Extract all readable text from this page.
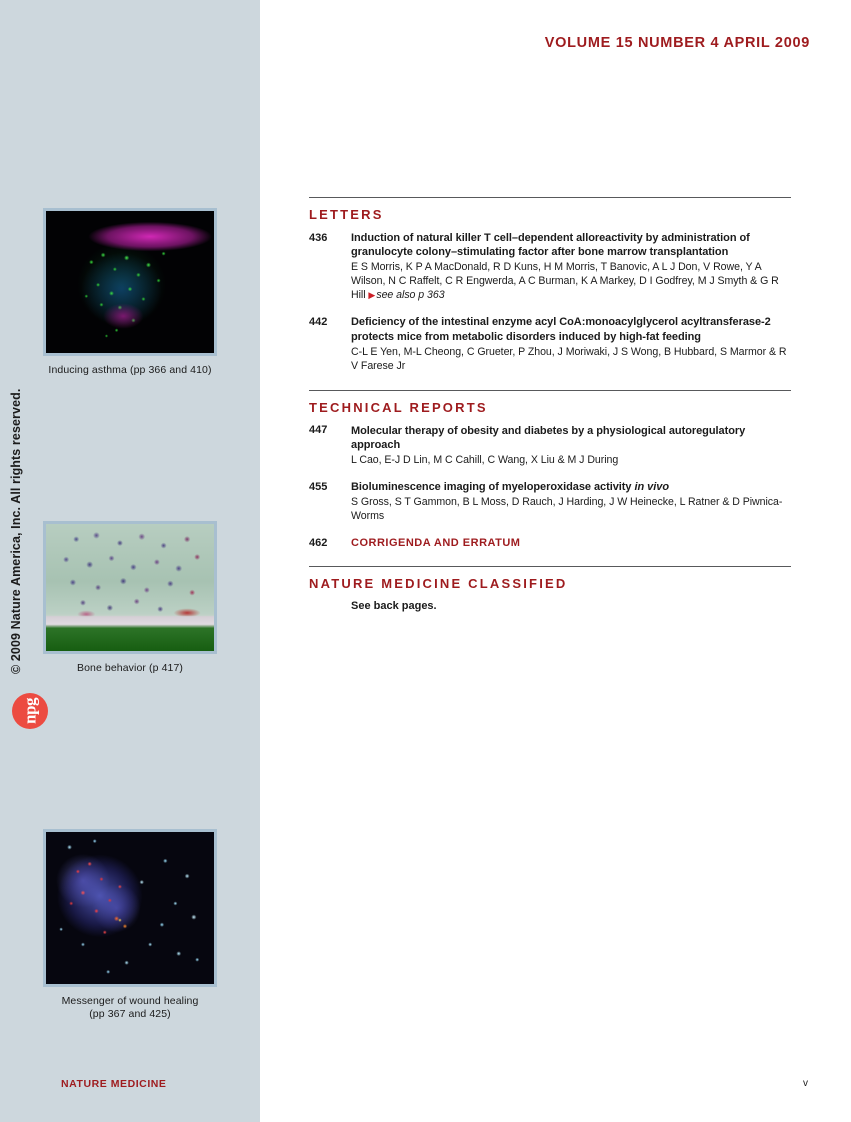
© 2009 Nature America, Inc. All rights reserved.
npg
Inducing asthma (pp 366 and 410)
Bone behavior (p 417)
Messenger of wound healing
(pp 367 and 425)
NATURE MEDICINE
VOLUME 15 NUMBER 4 APRIL 2009
LETTERS
436	Induction of natural killer T cell–dependent alloreactivity by administration of granulocyte colony–stimulating factor after bone marrow transplantation
E S Morris, K P A MacDonald, R D Kuns, H M Morris, T Banovic, A L J Don, V Rowe, Y A Wilson, N C Raffelt, C R Engwerda, A C Burman, K A Markey, D I Godfrey, M J Smyth & G R Hill ▶see also p 363
442	Deficiency of the intestinal enzyme acyl CoA:monoacylglycerol acyltransferase-2 protects mice from metabolic disorders induced by high-fat feeding
C-L E Yen, M-L Cheong, C Grueter, P Zhou, J Moriwaki, J S Wong, B Hubbard, S Marmor & R V Farese Jr
TECHNICAL REPORTS
447	Molecular therapy of obesity and diabetes by a physiological autoregulatory approach
L Cao, E-J D Lin, M C Cahill, C Wang, X Liu & M J During
455	Bioluminescence imaging of myeloperoxidase activity in vivo
S Gross, S T Gammon, B L Moss, D Rauch, J Harding, J W Heinecke, L Ratner & D Piwnica-Worms
462	CORRIGENDA AND ERRATUM
NATURE MEDICINE CLASSIFIED
See back pages.
v
